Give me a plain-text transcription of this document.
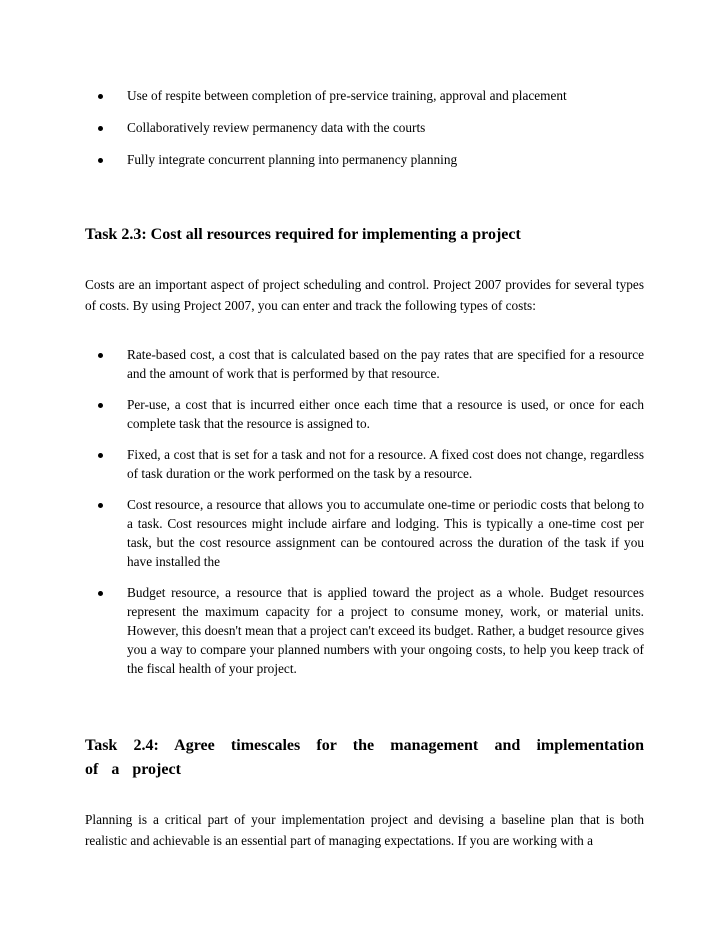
Use of respite between completion of pre-service training, approval and placement
Collaboratively review permanency data with the courts
Fully integrate concurrent planning into permanency planning
Task 2.3: Cost all resources required for implementing a project

Costs are an important aspect of project scheduling and control. Project 2007 provides for several types of costs. By using Project 2007, you can enter and track the following types of costs:

Rate-based cost, a cost that is calculated based on the pay rates that are specified for a resource and the amount of work that is performed by that resource.
Per-use, a cost that is incurred either once each time that a resource is used, or once for each complete task that the resource is assigned to.
Fixed, a cost that is set for a task and not for a resource. A fixed cost does not change, regardless of task duration or the work performed on the task by a resource.
Cost resource, a resource that allows you to accumulate one-time or periodic costs that belong to a task. Cost resources might include airfare and lodging. This is typically a one-time cost per task, but the cost resource assignment can be contoured across the duration of the task if you have installed the
Budget resource, a resource that is applied toward the project as a whole. Budget resources represent the maximum capacity for a project to consume money, work, or material units. However, this doesn't mean that a project can't exceed its budget. Rather, a budget resource gives you a way to compare your planned numbers with your ongoing costs, to help you keep track of the fiscal health of your project.
Task 2.4: Agree timescales for the management and implementation of a project

Planning is a critical part of your implementation project and devising a baseline plan that is both realistic and achievable is an essential part of managing expectations. If you are working with a
